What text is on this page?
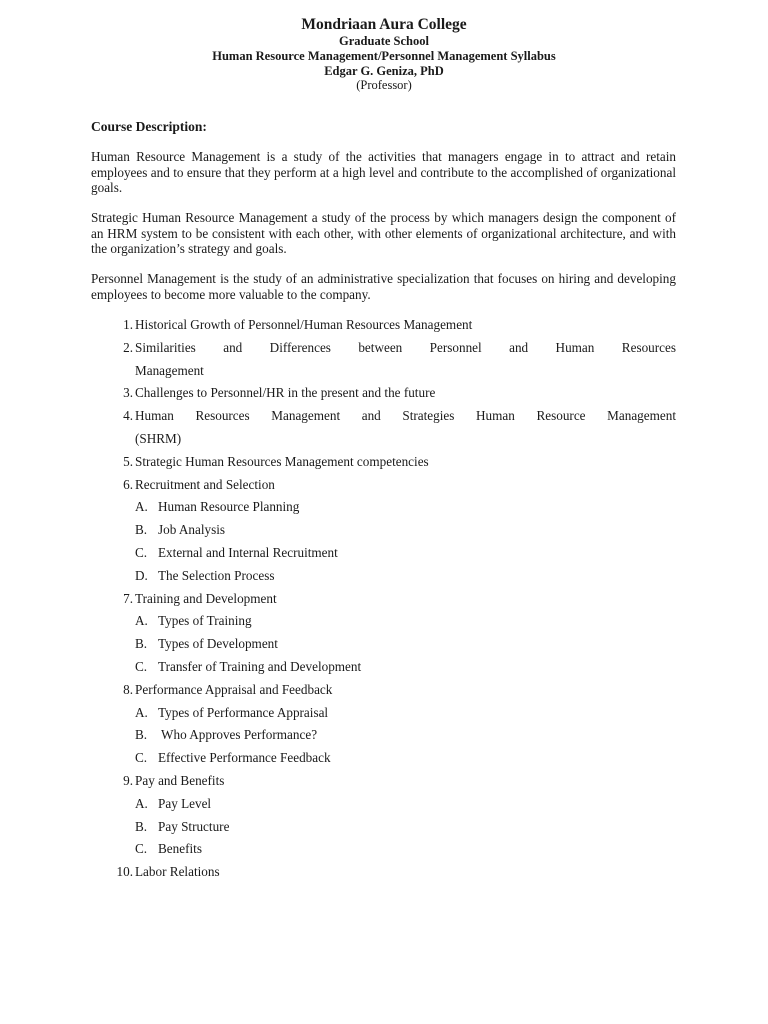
Mondriaan Aura College
Graduate School
Human Resource Management/Personnel Management Syllabus
Edgar G. Geniza, PhD
(Professor)
Course Description:
Human Resource Management is a study of the activities that managers engage in to attract and retain employees and to ensure that they perform at a high level and contribute to the accomplished of organizational goals.
Strategic Human Resource Management a study of the process by which managers design the component of an HRM system to be consistent with each other, with other elements of organizational architecture, and with the organization’s strategy and goals.
Personnel Management is the study of an administrative specialization that focuses on hiring and developing employees to become more valuable to the company.
1. Historical Growth of Personnel/Human Resources Management
2. Similarities and Differences between Personnel and Human Resources
Management
3. Challenges to Personnel/HR in the present and the future
4. Human Resources Management and Strategies Human Resource Management
(SHRM)
5. Strategic Human Resources Management competencies
6. Recruitment and Selection
A. Human Resource Planning
B. Job Analysis
C. External and Internal Recruitment
D. The Selection Process
7. Training and Development
A. Types of Training
B. Types of Development
C. Transfer of Training and Development
8. Performance Appraisal and Feedback
A. Types of Performance Appraisal
B. Who Approves Performance?
C. Effective Performance Feedback
9. Pay and Benefits
A. Pay Level
B. Pay Structure
C. Benefits
10. Labor Relations
